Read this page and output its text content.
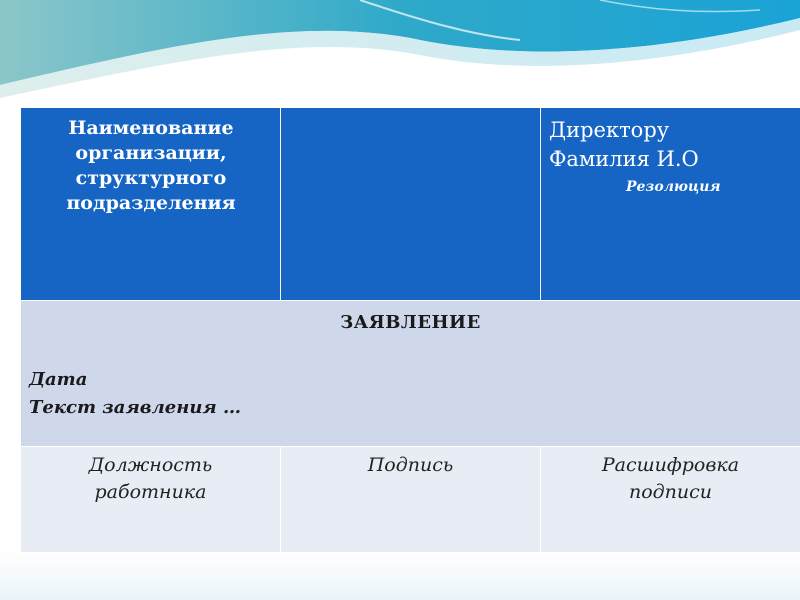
Наименование организации, структурного подразделения		Директору
Фамилия И.О
Резолюция

ЗАЯВЛЕНИЕ
Дата
Текст заявления …		

Должность работника	Подпись	Расшифровка подписи
